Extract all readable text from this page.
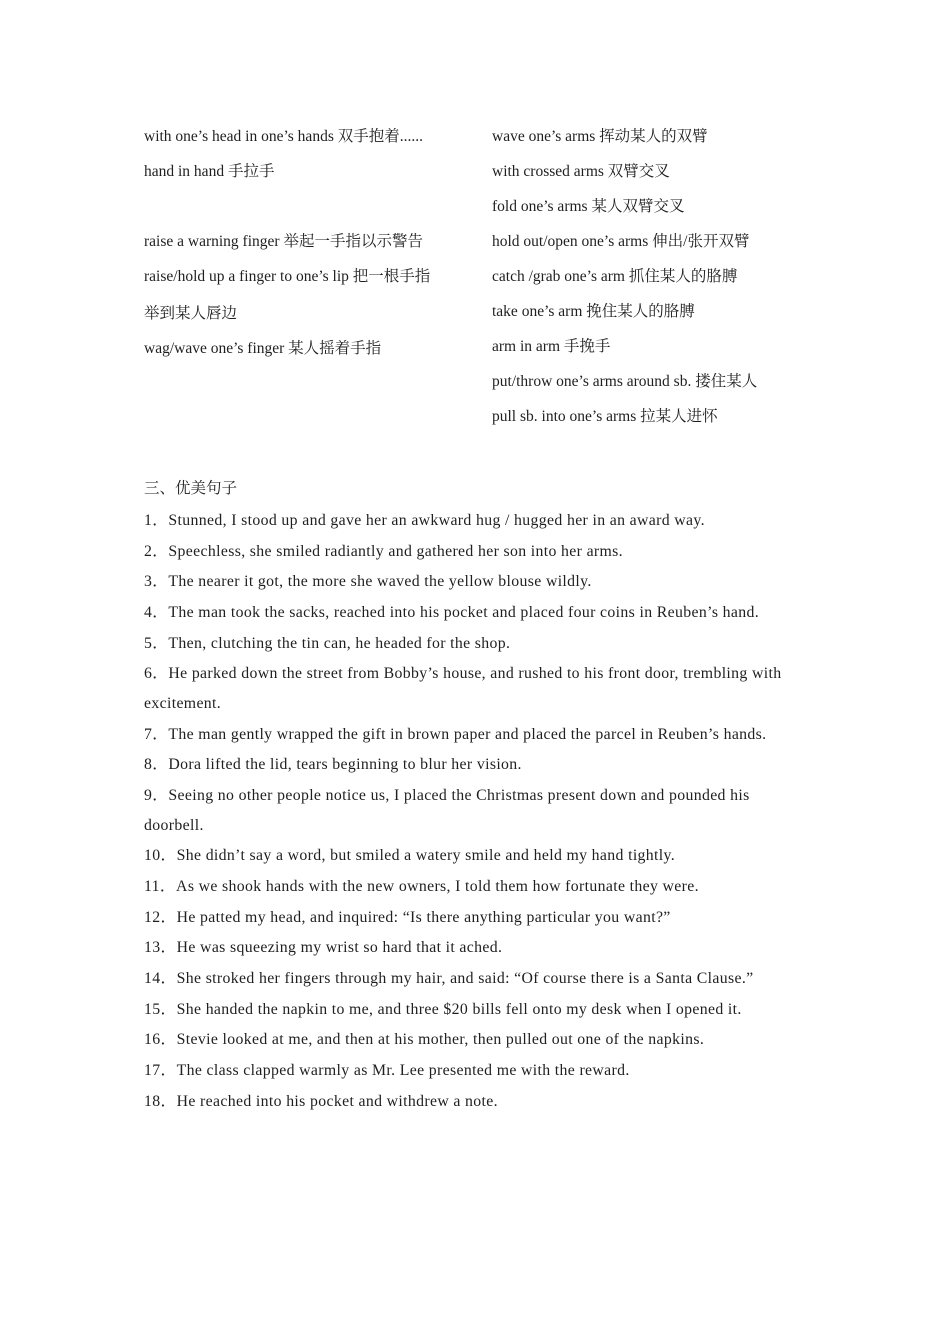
with one’s head in one’s hands 双手抱着......
hand in hand 手拉手
raise a warning finger 举起一手指以示警告
raise/hold up a finger to one’s lip 把一根手指
举到某人唇边
wag/wave one’s finger 某人摇着手指
wave one’s arms 挥动某人的双臂
with crossed arms 双臂交叉
fold one’s arms 某人双臂交叉
hold out/open one’s arms 伸出/张开双臂
catch /grab one’s arm 抓住某人的胳膊
take one’s arm 挽住某人的胳膊
arm in arm 手挽手
put/throw one’s arms around sb. 搂住某人
pull sb. into one’s arms 拉某人进怀
三、优美句子
1．Stunned, I stood up and gave her an awkward hug / hugged her in an award way.
2．Speechless, she smiled radiantly and gathered her son into her arms.
3．The nearer it got, the more she waved the yellow blouse wildly.
4．The man took the sacks, reached into his pocket and placed four coins in Reuben’s hand.
5．Then, clutching the tin can, he headed for the shop.
6．He parked down the street from Bobby’s house, and rushed to his front door, trembling with excitement.
7．The man gently wrapped the gift in brown paper and placed the parcel in Reuben’s hands.
8．Dora lifted the lid, tears beginning to blur her vision.
9．Seeing no other people notice us, I placed the Christmas present down and pounded his doorbell.
10．She didn’t say a word, but smiled a watery smile and held my hand tightly.
11．As we shook hands with the new owners, I told them how fortunate they were.
12．He patted my head, and inquired: “Is there anything particular you want?”
13．He was squeezing my wrist so hard that it ached.
14．She stroked her fingers through my hair, and said: “Of course there is a Santa Clause.”
15．She handed the napkin to me, and three $20 bills fell onto my desk when I opened it.
16．Stevie looked at me, and then at his mother, then pulled out one of the napkins.
17．The class clapped warmly as Mr. Lee presented me with the reward.
18．He reached into his pocket and withdrew a note.
